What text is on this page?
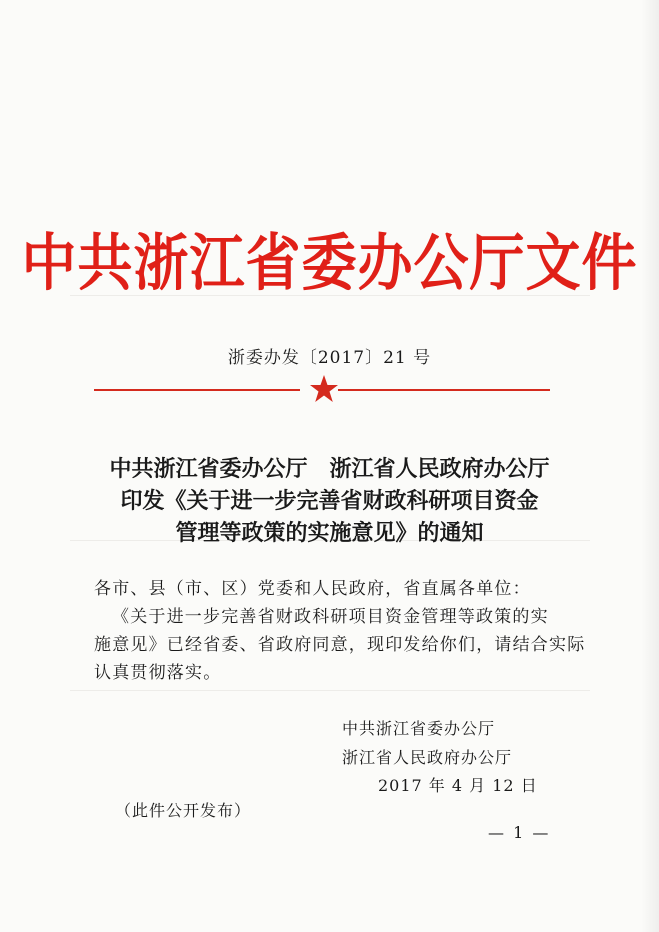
中共浙江省委办公厅文件
浙委办发〔2017〕21 号
中共浙江省委办公厅　浙江省人民政府办公厅
印发《关于进一步完善省财政科研项目资金
管理等政策的实施意见》的通知
各市、县（市、区）党委和人民政府，省直属各单位：
《关于进一步完善省财政科研项目资金管理等政策的实
施意见》已经省委、省政府同意，现印发给你们，请结合实际
认真贯彻落实。
中共浙江省委办公厅
浙江省人民政府办公厅
2017 年 4 月 12 日
（此件公开发布）
— 1 —
